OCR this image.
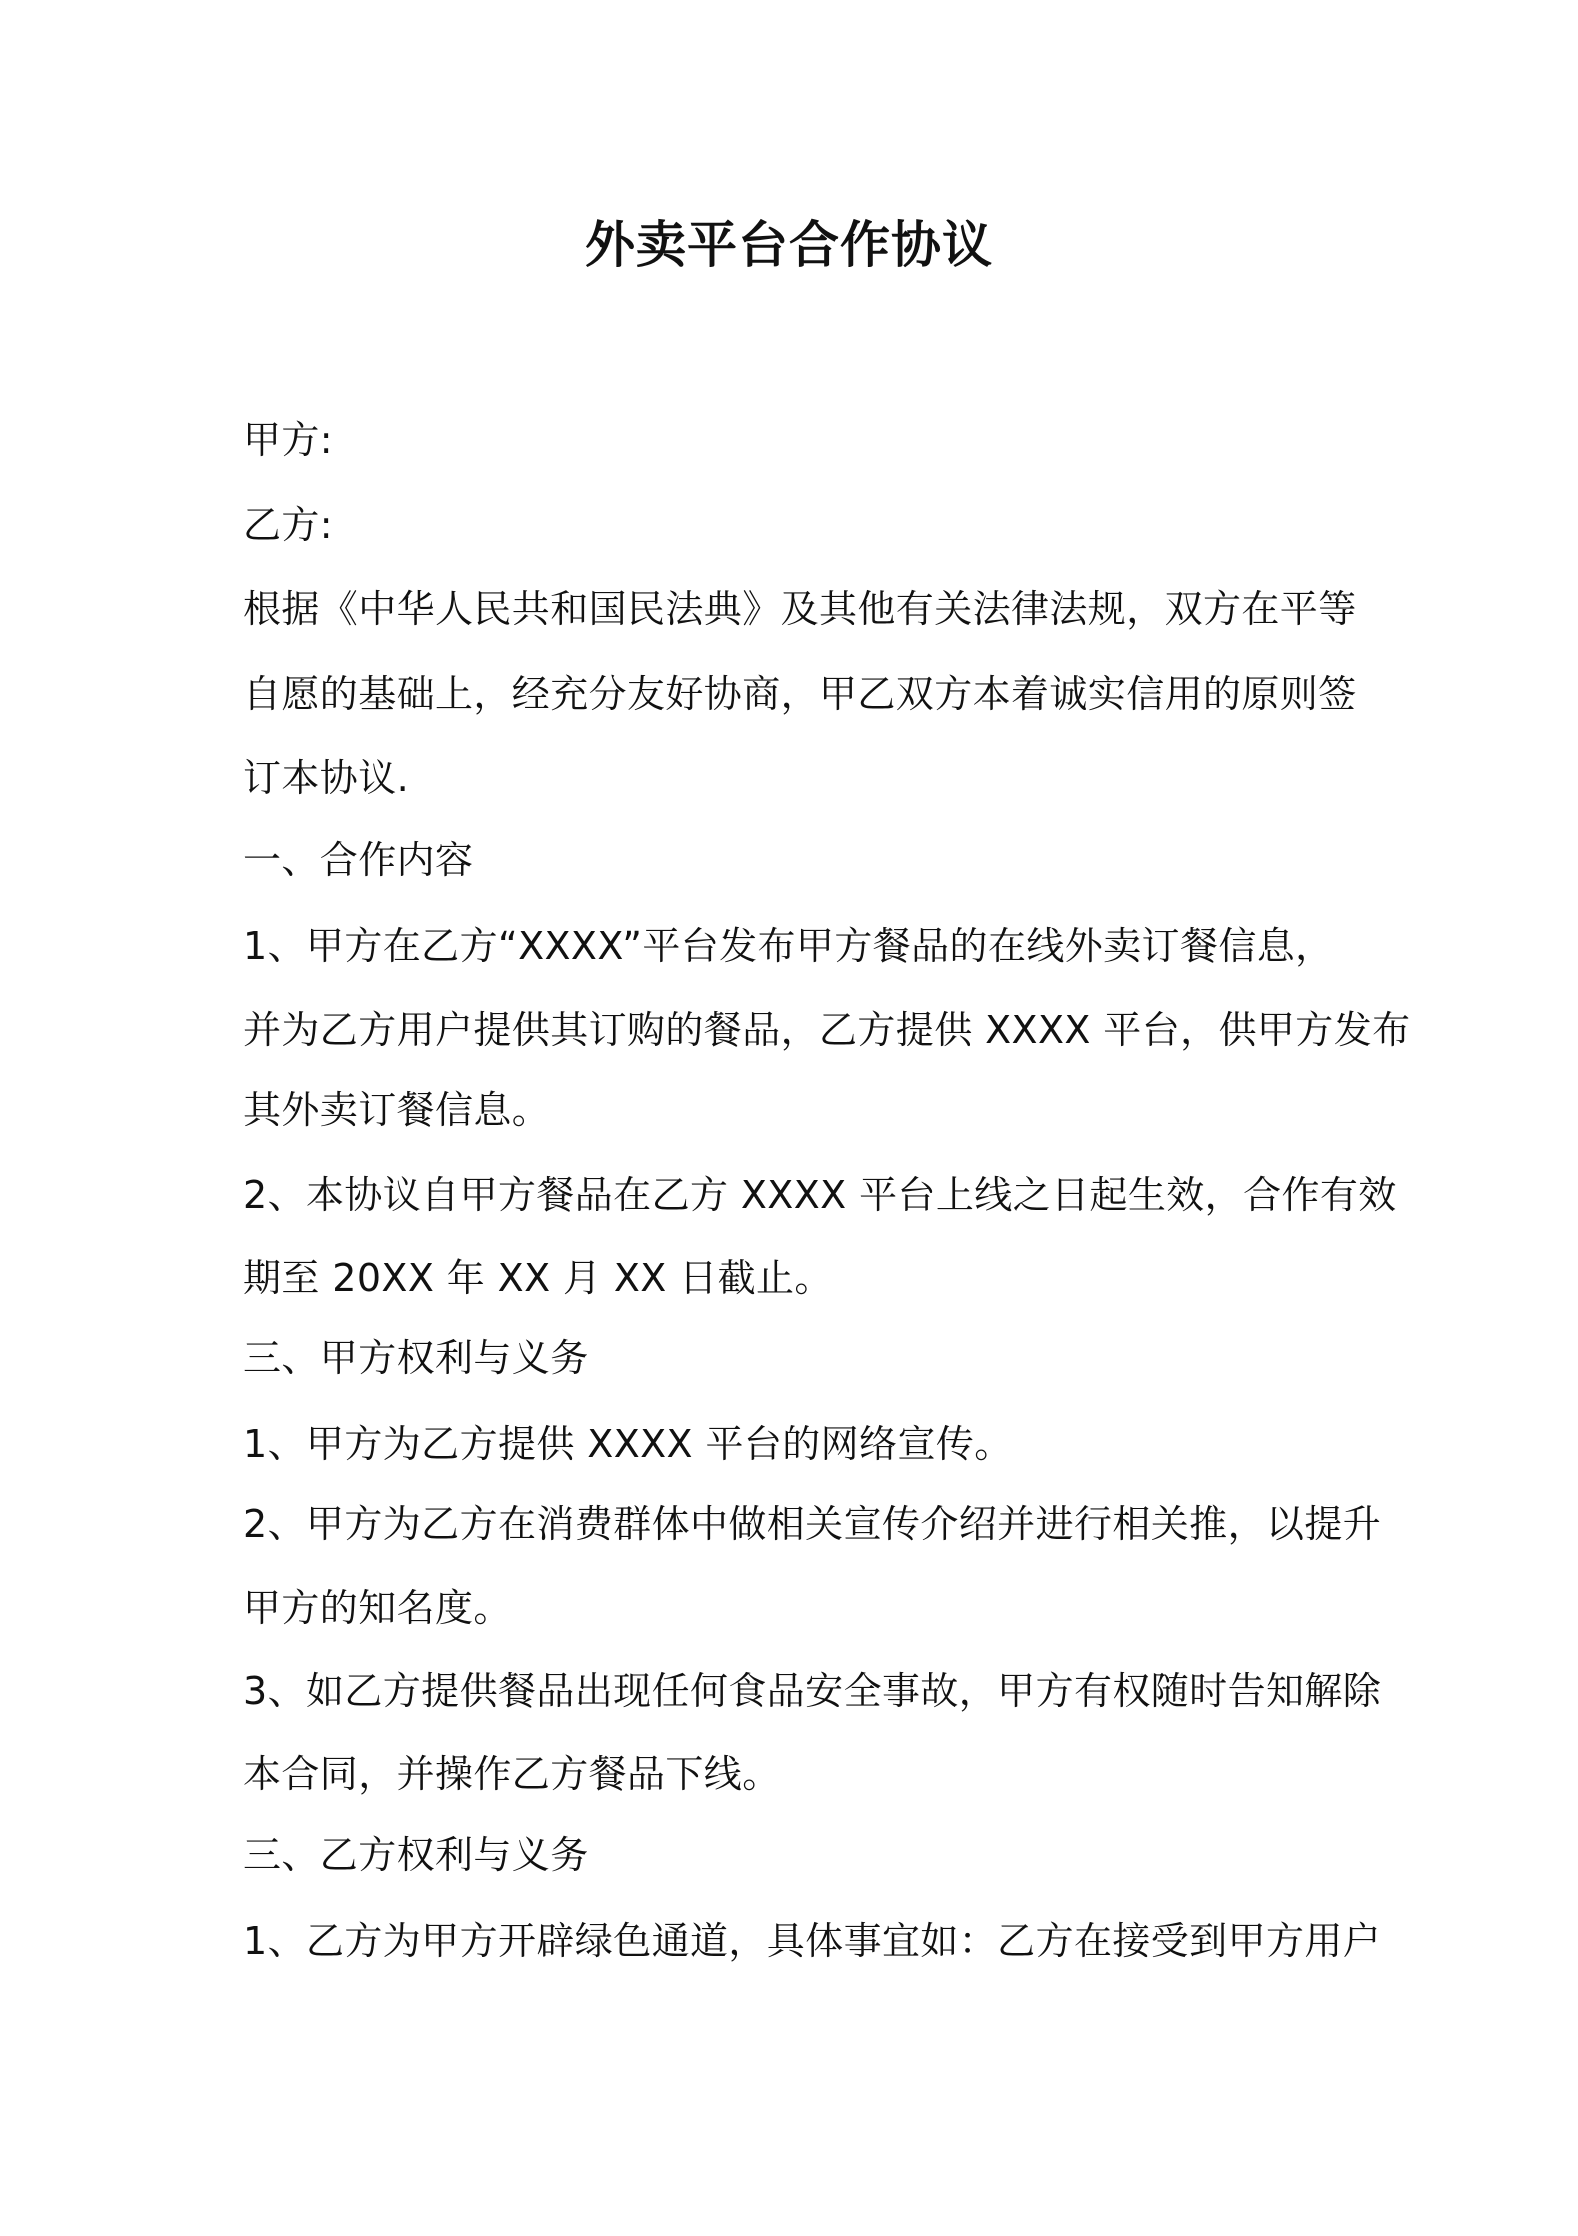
外卖平台合作协议
甲方:
乙方:
根据《中华人民共和国民法典》及其他有关法律法规，双方在平等
自愿的基础上，经充分友好协商，甲乙双方本着诚实信用的原则签
订本协议.
一、合作内容
1、甲方在乙方“XXXX”平台发布甲方餐品的在线外卖订餐信息，
并为乙方用户提供其订购的餐品，乙方提供 XXXX 平台，供甲方发布
其外卖订餐信息。
2、本协议自甲方餐品在乙方 XXXX 平台上线之日起生效，合作有效
期至 20XX 年 XX 月 XX 日截止。
三、甲方权利与义务
1、甲方为乙方提供 XXXX 平台的网络宣传。
2、甲方为乙方在消费群体中做相关宣传介绍并进行相关推，以提升
甲方的知名度。
3、如乙方提供餐品出现任何食品安全事故，甲方有权随时告知解除
本合同，并操作乙方餐品下线。
三、乙方权利与义务
1、乙方为甲方开辟绿色通道，具体事宜如：乙方在接受到甲方用户
